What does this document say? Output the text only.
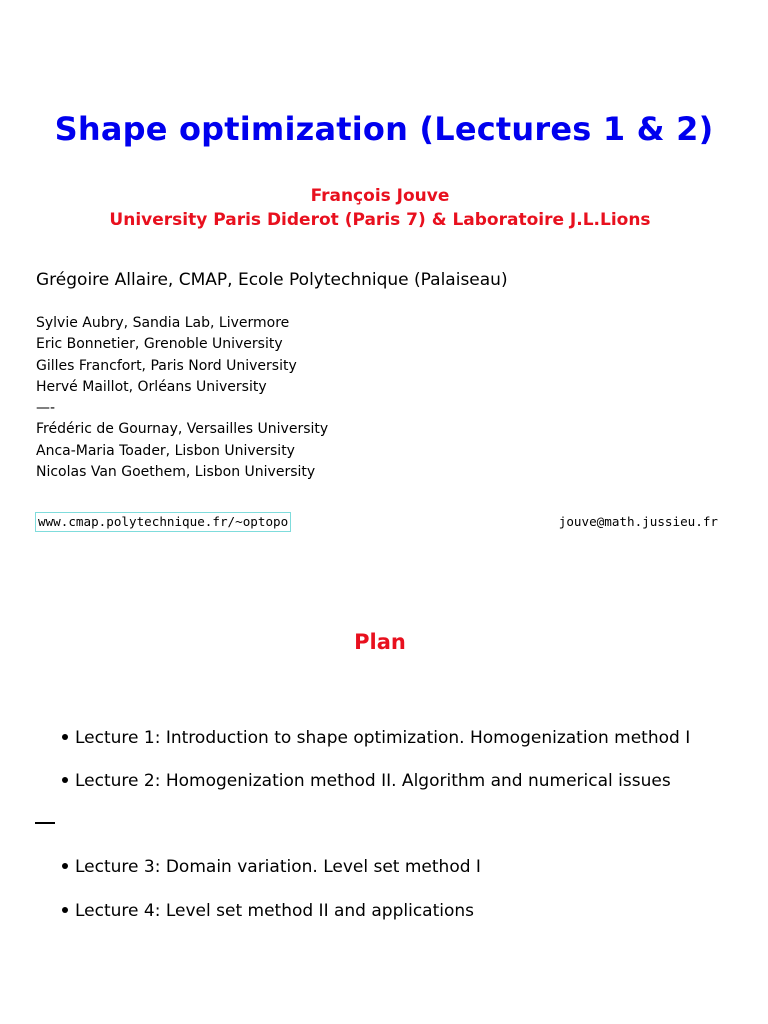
Shape optimization (Lectures 1 & 2)
François Jouve
University Paris Diderot (Paris 7) & Laboratoire J.L.Lions
Grégoire Allaire, CMAP, Ecole Polytechnique (Palaiseau)
Sylvie Aubry, Sandia Lab, Livermore
Eric Bonnetier, Grenoble University
Gilles Francfort, Paris Nord University
Hervé Maillot, Orléans University
—-
Frédéric de Gournay, Versailles University
Anca-Maria Toader, Lisbon University
Nicolas Van Goethem, Lisbon University
www.cmap.polytechnique.fr/~optopo	jouve@math.jussieu.fr
Plan
Lecture 1: Introduction to shape optimization. Homogenization method I
Lecture 2: Homogenization method II. Algorithm and numerical issues
Lecture 3: Domain variation. Level set method I
Lecture 4: Level set method II and applications
